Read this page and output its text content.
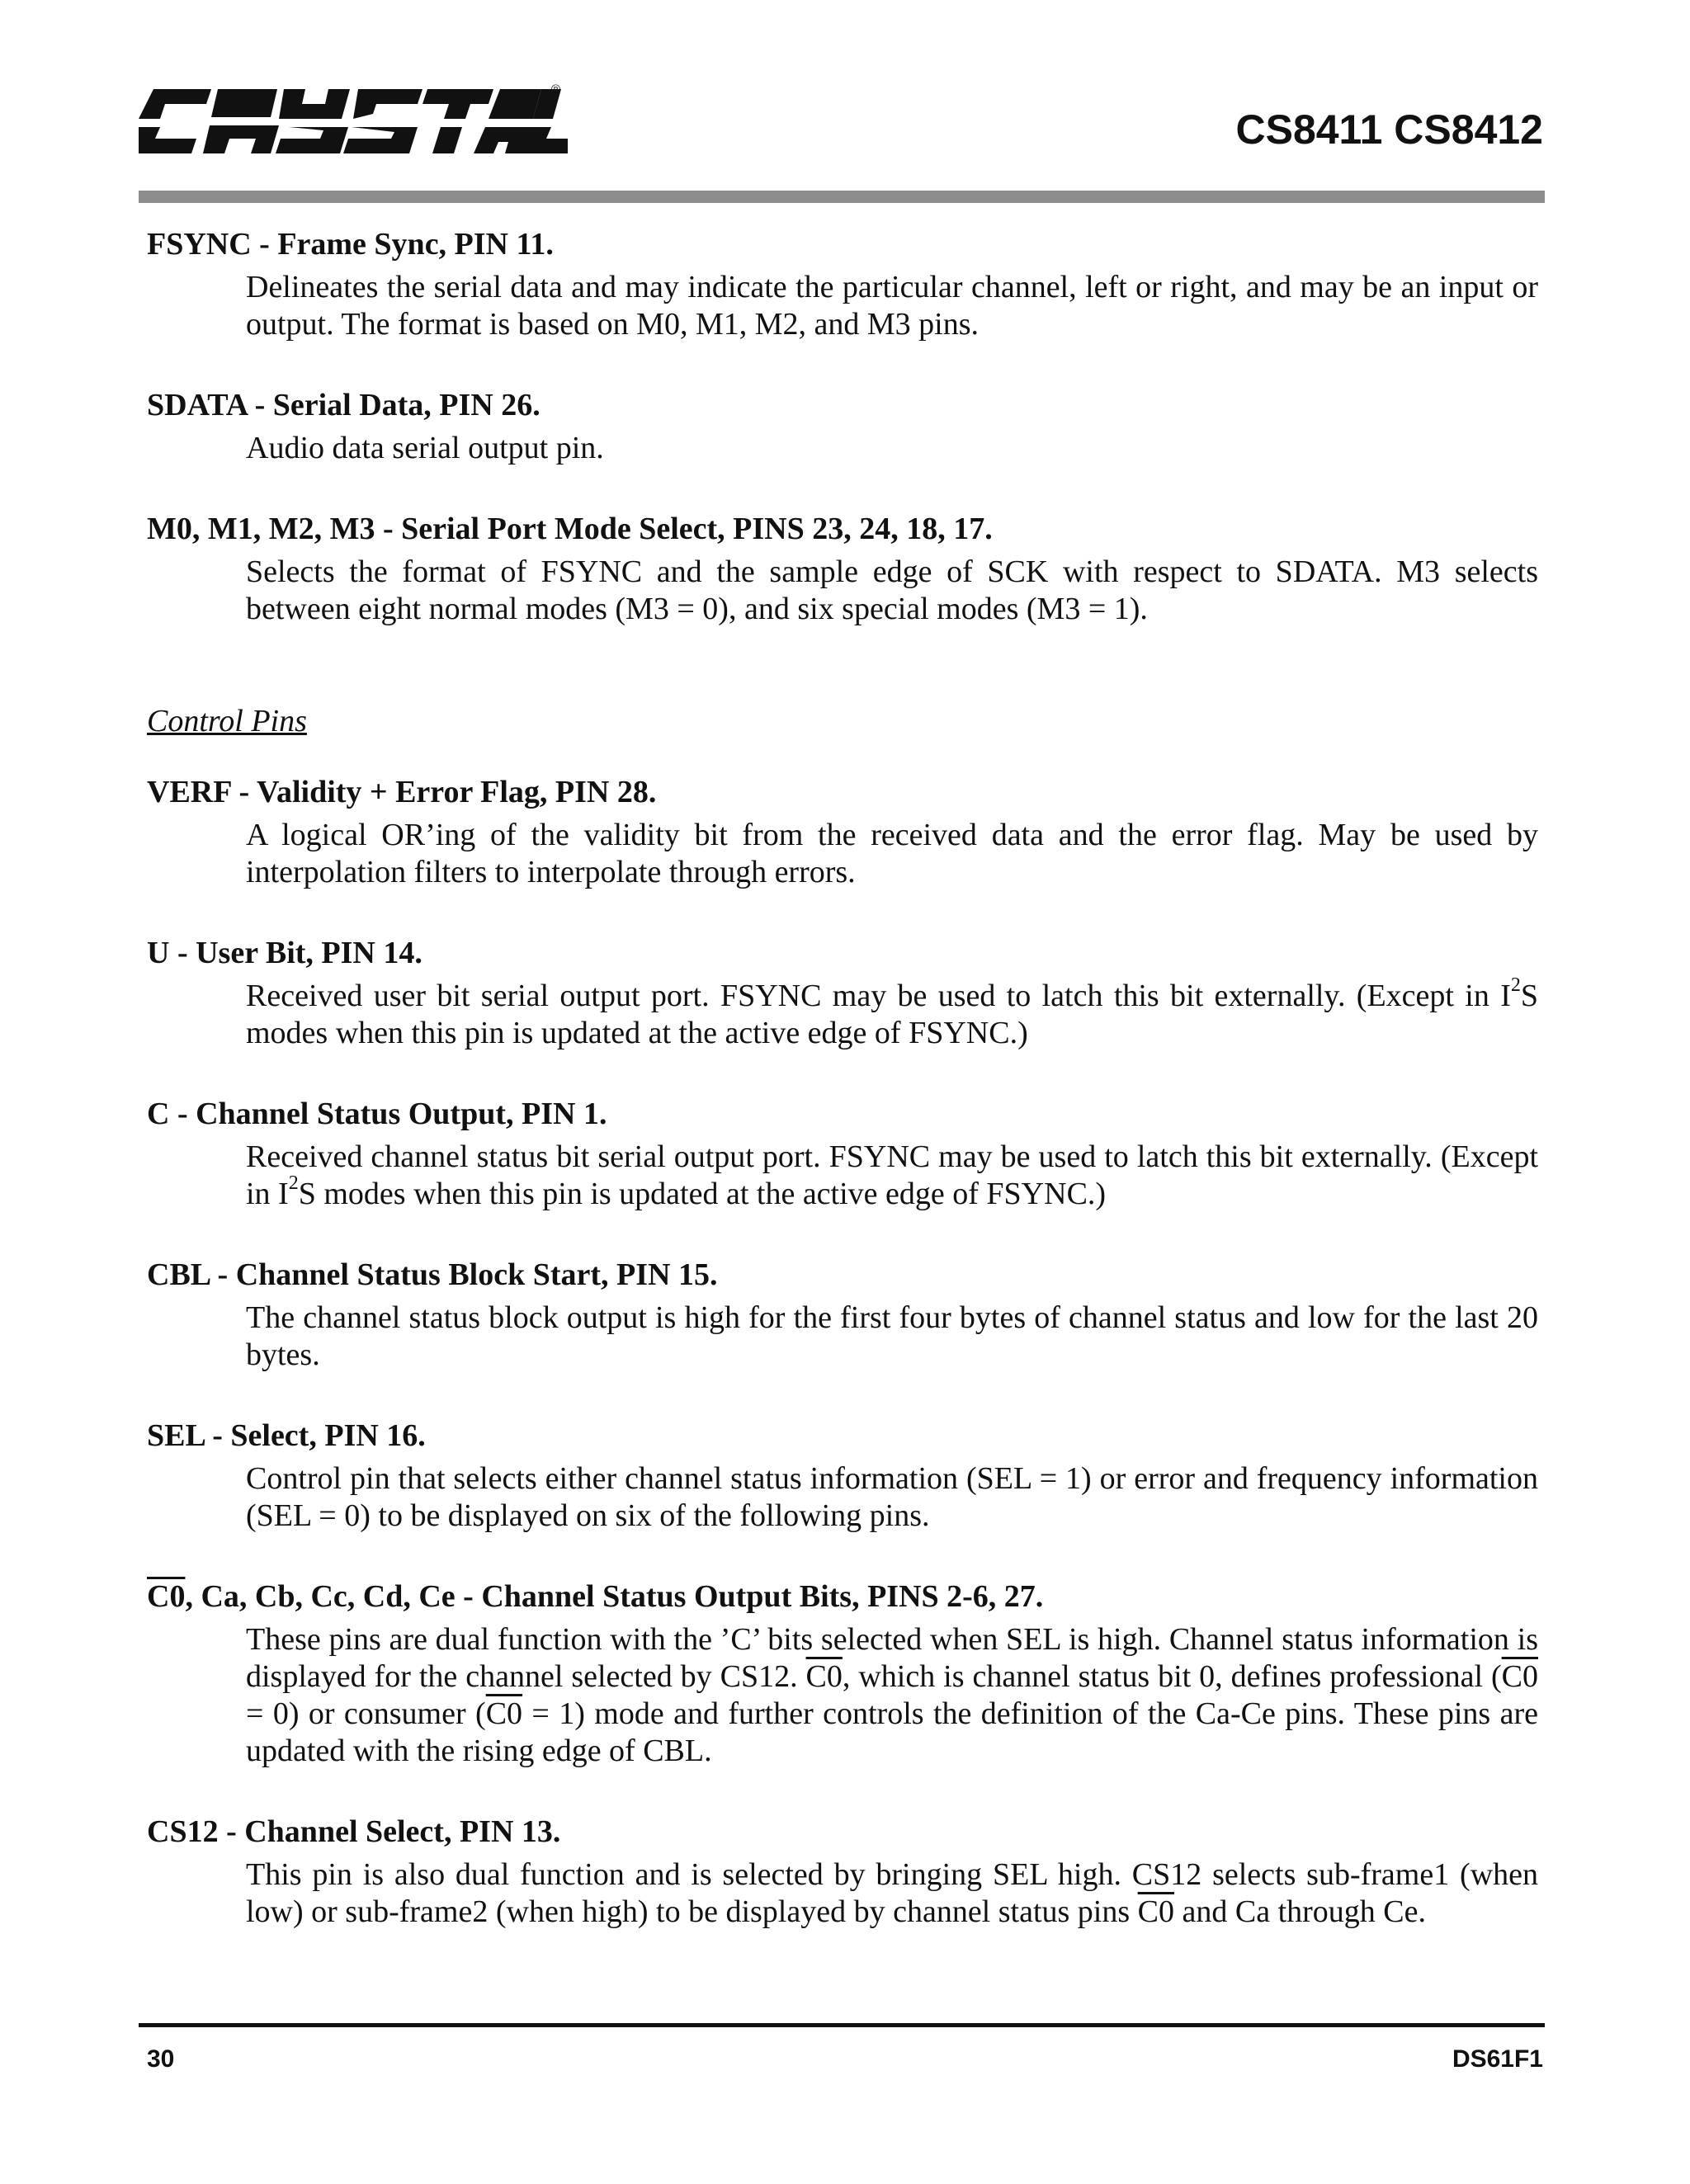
®
CS8411 CS8412

FSYNC - Frame Sync, PIN 11.

Delineates the serial data and may indicate the particular channel, left or right, and may be an input or output. The format is based on M0, M1, M2, and M3 pins.

SDATA - Serial Data, PIN 26.

Audio data serial output pin.

M0, M1, M2, M3 - Serial Port Mode Select, PINS 23, 24, 18, 17.

Selects the format of FSYNC and the sample edge of SCK with respect to SDATA. M3 selects between eight normal modes (M3 = 0), and six special modes (M3 = 1).

Control Pins

VERF - Validity + Error Flag, PIN 28.

A logical OR’ing of the validity bit from the received data and the error flag. May be used by interpolation filters to interpolate through errors.

U - User Bit, PIN 14.

Received user bit serial output port. FSYNC may be used to latch this bit externally. (Except in $I^2S$ modes when this pin is updated at the active edge of FSYNC.)

C - Channel Status Output, PIN 1.

Received channel status bit serial output port. FSYNC may be used to latch this bit externally. (Except in $I^2S$ modes when this pin is updated at the active edge of FSYNC.)

CBL - Channel Status Block Start, PIN 15.

The channel status block output is high for the first four bytes of channel status and low for the last 20 bytes.

SEL - Select, PIN 16.

Control pin that selects either channel status information (SEL = 1) or error and frequency information (SEL = 0) to be displayed on six of the following pins.

C0, Ca, Cb, Cc, Cd, Ce - Channel Status Output Bits, PINS 2-6, 27.

These pins are dual function with the ’C’ bits selected when SEL is high. Channel status information is displayed for the channel selected by CS12. C0, which is channel status bit 0, defines professional (C0 = 0) or consumer (C0 = 1) mode and further controls the definition of the Ca-Ce pins. These pins are updated with the rising edge of CBL.

CS12 - Channel Select, PIN 13.

This pin is also dual function and is selected by bringing SEL high. CS12 selects sub-frame1 (when low) or sub-frame2 (when high) to be displayed by channel status pins C0 and Ca through Ce.

30	DS61F1
